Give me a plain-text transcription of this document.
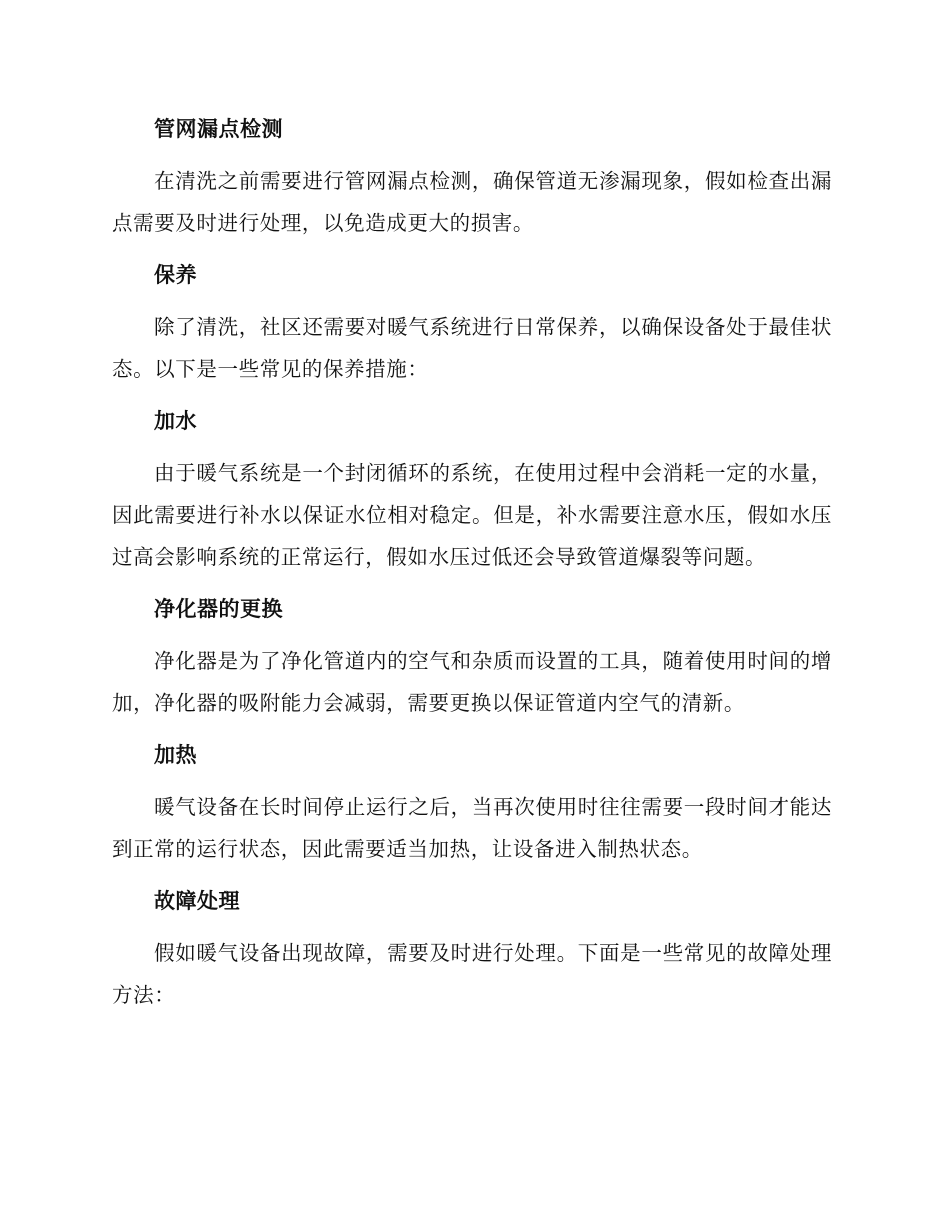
管网漏点检测

在清洗之前需要进行管网漏点检测，确保管道无渗漏现象，假如检查出漏点需要及时进行处理，以免造成更大的损害。

保养

除了清洗，社区还需要对暖气系统进行日常保养，以确保设备处于最佳状态。以下是一些常见的保养措施：

加水

由于暖气系统是一个封闭循环的系统，在使用过程中会消耗一定的水量，因此需要进行补水以保证水位相对稳定。但是，补水需要注意水压，假如水压过高会影响系统的正常运行，假如水压过低还会导致管道爆裂等问题。

净化器的更换

净化器是为了净化管道内的空气和杂质而设置的工具，随着使用时间的增加，净化器的吸附能力会减弱，需要更换以保证管道内空气的清新。

加热

暖气设备在长时间停止运行之后，当再次使用时往往需要一段时间才能达到正常的运行状态，因此需要适当加热，让设备进入制热状态。

故障处理

假如暖气设备出现故障，需要及时进行处理。下面是一些常见的故障处理方法：
